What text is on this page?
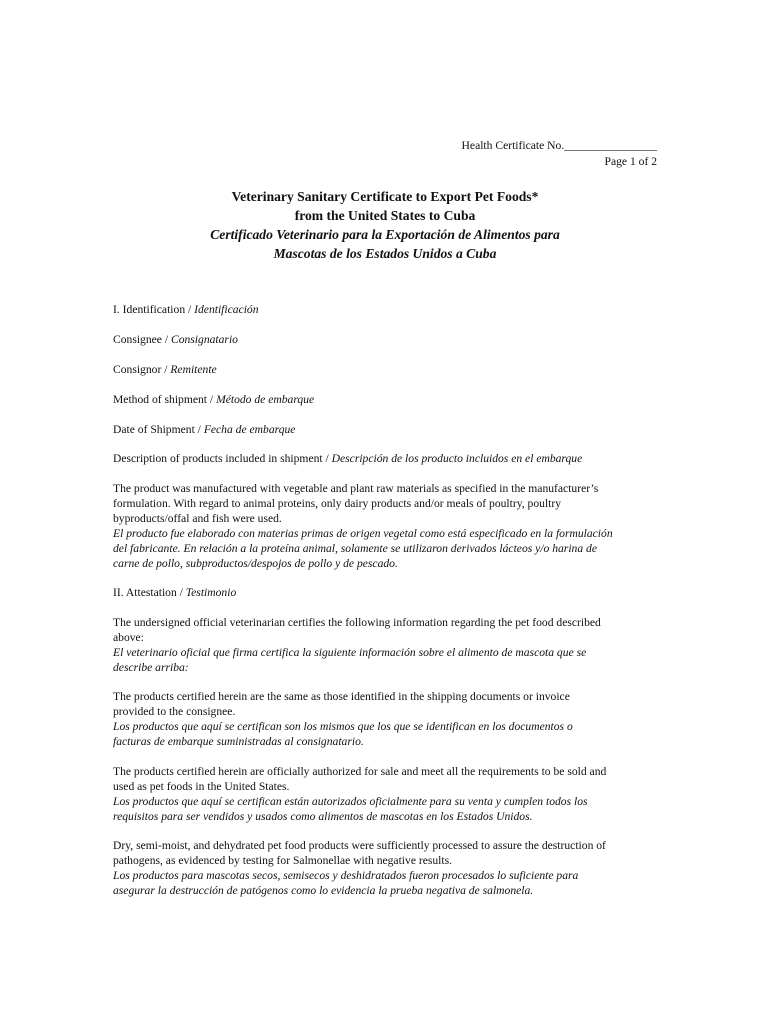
Health Certificate No.________________
Page 1 of 2
Veterinary Sanitary Certificate to Export Pet Foods*
from the United States to Cuba
Certificado Veterinario para la Exportación de Alimentos para
Mascotas de los Estados Unidos a Cuba
I. Identification / Identificación
Consignee / Consignatario
Consignor / Remitente
Method of shipment / Método de embarque
Date of Shipment / Fecha de embarque
Description of products included in shipment / Descripción de los producto incluidos en el embarque
The product was manufactured with vegetable and plant raw materials as specified in the manufacturer’s
formulation. With regard to animal proteins, only dairy products and/or meals of poultry, poultry
byproducts/offal and fish were used.
El producto fue elaborado con materias primas de origen vegetal como está especificado en la formulación
del fabricante. En relación a la proteína animal, solamente se utilizaron derivados lácteos y/o harina de
carne de pollo, subproductos/despojos de pollo y de pescado.
II. Attestation / Testimonio
The undersigned official veterinarian certifies the following information regarding the pet food described
above:
El veterinario oficial que firma certifica la siguiente información sobre el alimento de mascota que se
describe arriba:
The products certified herein are the same as those identified in the shipping documents or invoice
provided to the consignee.
Los productos que aquí se certifican son los mismos que los que se identifican en los documentos o
facturas de embarque suministradas al consignatario.
The products certified herein are officially authorized for sale and meet all the requirements to be sold and
used as pet foods in the United States.
Los productos que aquí se certifican están autorizados oficialmente para su venta y cumplen todos los
requisitos para ser vendidos y usados como alimentos de mascotas en los Estados Unidos.
Dry, semi-moist, and dehydrated pet food products were sufficiently processed to assure the destruction of
pathogens, as evidenced by testing for Salmonellae with negative results.
Los productos para mascotas secos, semisecos y deshidratados fueron procesados lo suficiente para
asegurar la destrucción de patógenos como lo evidencia la prueba negativa de salmonela.
